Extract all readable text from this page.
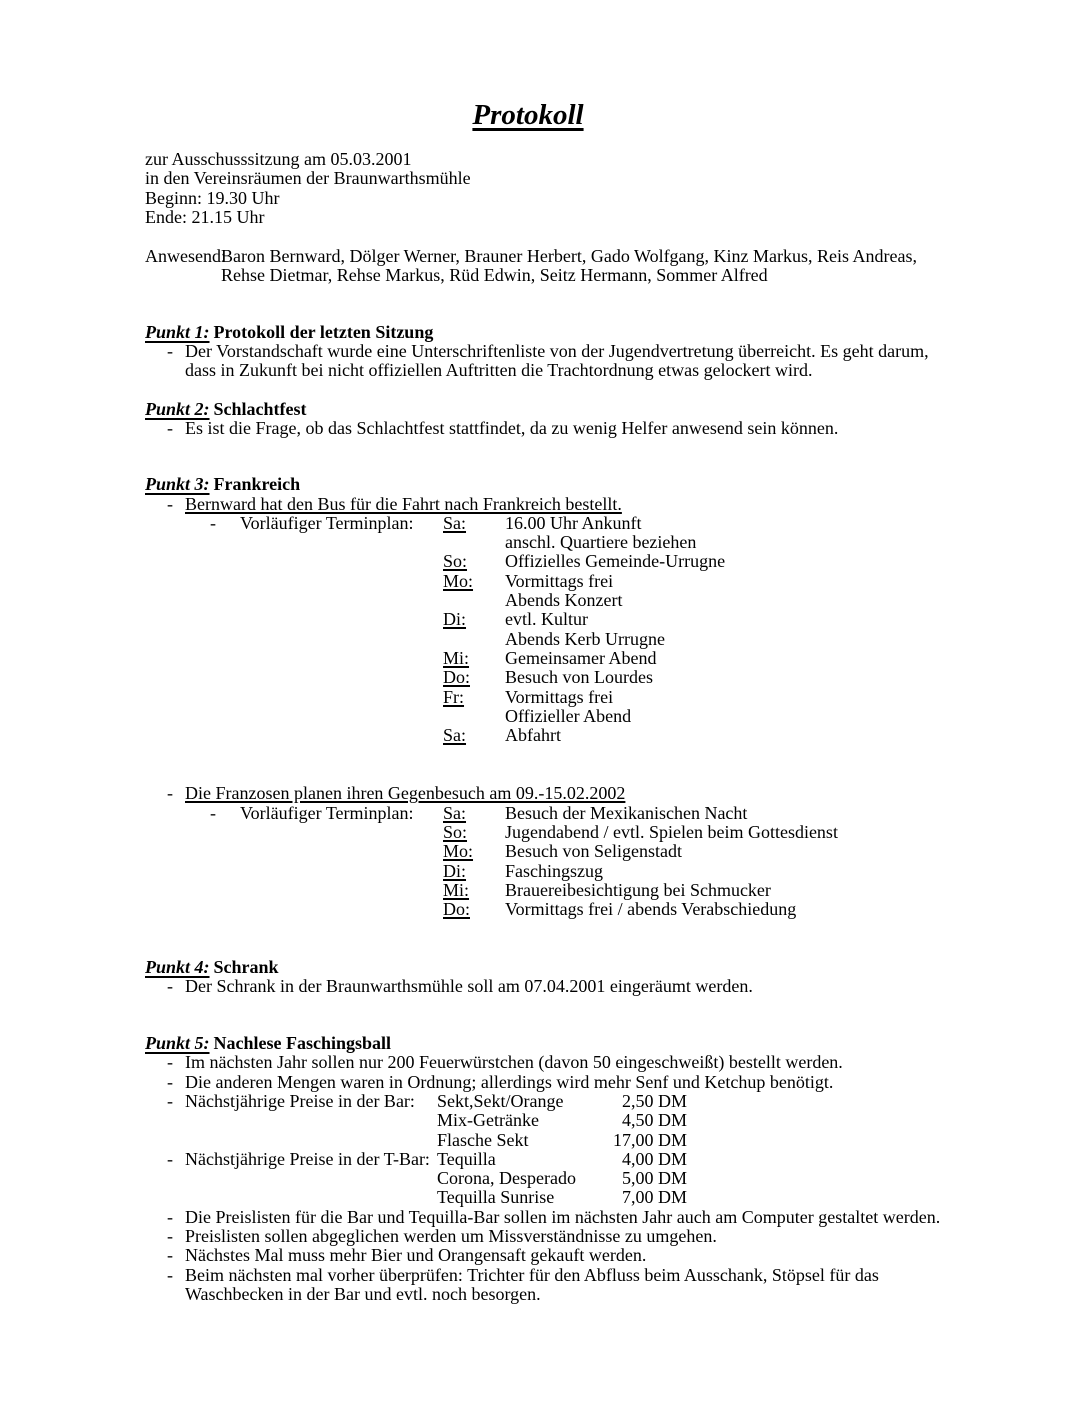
Protokoll
zur Ausschusssitzung am 05.03.2001
in den Vereinsräumen der Braunwarthsmühle
Beginn: 19.30 Uhr
Ende: 21.15 Uhr
Anwesend:
Baron Bernward, Dölger Werner, Brauner Herbert, Gado Wolfgang, Kinz Markus, Reis Andreas,
Rehse Dietmar, Rehse Markus, Rüd Edwin, Seitz Hermann, Sommer Alfred
Punkt 1: Protokoll der letzten Sitzung
- Der Vorstandschaft wurde eine Unterschriftenliste von der Jugendvertretung überreicht. Es geht darum, dass in Zukunft bei nicht offiziellen Auftritten die Trachtordnung etwas gelockert wird.
Punkt 2: Schlachtfest
- Es ist die Frage, ob das Schlachtfest stattfindet, da zu wenig Helfer anwesend sein können.
Punkt 3: Frankreich
- Bernward hat den Bus für die Fahrt nach Frankreich bestellt.
-	Vorläufiger Terminplan:	Sa:	16.00 Uhr Ankunft
anschl. Quartiere beziehen
So:	Offizielles Gemeinde-Urrugne
Mo:	Vormittags frei
Abends Konzert
Di:	evtl. Kultur
Abends Kerb Urrugne
Mi:	Gemeinsamer Abend
Do:	Besuch von Lourdes
Fr:	Vormittags frei
Offizieller Abend
Sa:	Abfahrt
- Die Franzosen planen ihren Gegenbesuch am 09.-15.02.2002
-	Vorläufiger Terminplan:	Sa:	Besuch der Mexikanischen Nacht
So:	Jugendabend / evtl. Spielen beim Gottesdienst
Mo:	Besuch von Seligenstadt
Di:	Faschingszug
Mi:	Brauereibesichtigung bei Schmucker
Do:	Vormittags frei / abends Verabschiedung
Punkt 4: Schrank
- Der Schrank in der Braunwarthsmühle soll am 07.04.2001 eingeräumt werden.
Punkt 5: Nachlese Faschingsball
- Im nächsten Jahr sollen nur 200 Feuerwürstchen (davon 50 eingeschweißt) bestellt werden.
- Die anderen Mengen waren in Ordnung; allerdings wird mehr Senf und Ketchup benötigt.
- Nächstjährige Preise in der Bar: Sekt,Sekt/Orange	2,50 DM
Mix-Getränke	4,50 DM
Flasche Sekt	17,00 DM
- Nächstjährige Preise in der T-Bar: Tequilla	4,00 DM
Corona, Desperado	5,00 DM
Tequilla Sunrise	7,00 DM
- Die Preislisten für die Bar und Tequilla-Bar sollen im nächsten Jahr auch am Computer gestaltet werden.
- Preislisten sollen abgeglichen werden um Missverständnisse zu umgehen.
- Nächstes Mal muss mehr Bier und Orangensaft gekauft werden.
- Beim nächsten mal vorher überprüfen: Trichter für den Abfluss beim Ausschank, Stöpsel für das Waschbecken in der Bar und evtl. noch besorgen.
